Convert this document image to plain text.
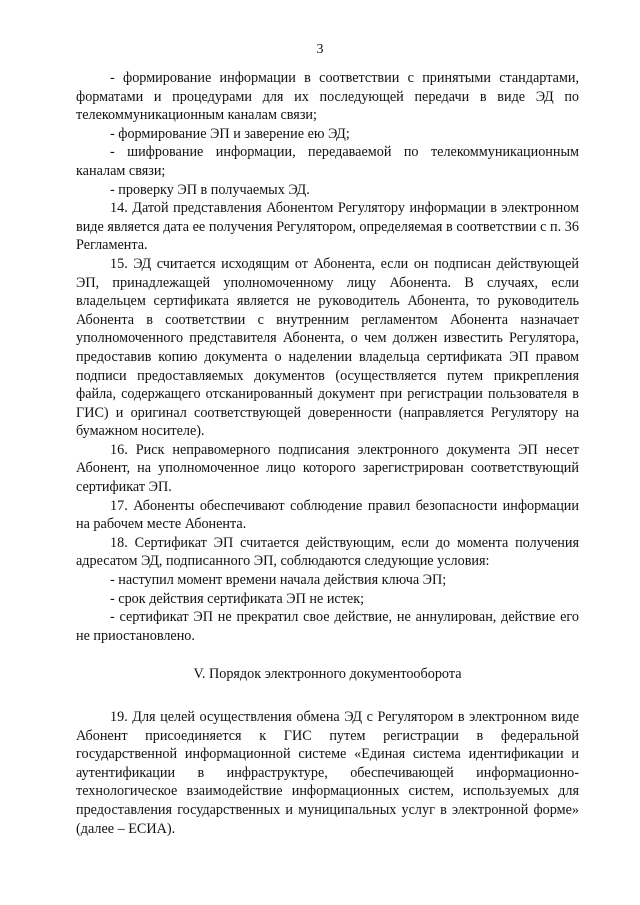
3

- формирование информации в соответствии с принятыми стандартами, форматами и процедурами для их последующей передачи в виде ЭД по телекоммуникационным каналам связи;

- формирование ЭП и заверение ею ЭД;

- шифрование информации, передаваемой по телекоммуникационным каналам связи;

- проверку ЭП в получаемых ЭД.

14. Датой представления Абонентом Регулятору информации в электронном виде является дата ее получения Регулятором, определяемая в соответствии с п. 36 Регламента.

15. ЭД считается исходящим от Абонента, если он подписан действующей ЭП, принадлежащей уполномоченному лицу Абонента. В случаях, если владельцем сертификата является не руководитель Абонента, то руководитель Абонента в соответствии с внутренним регламентом Абонента назначает уполномоченного представителя Абонента, о чем должен известить Регулятора, предоставив копию документа о наделении владельца сертификата ЭП правом подписи предоставляемых документов (осуществляется путем прикрепления файла, содержащего отсканированный документ при регистрации пользователя в ГИС) и оригинал соответствующей доверенности (направляется Регулятору на бумажном носителе).

16. Риск неправомерного подписания электронного документа ЭП несет Абонент, на уполномоченное лицо которого зарегистрирован соответствующий сертификат ЭП.

17. Абоненты обеспечивают соблюдение правил безопасности информации на рабочем месте Абонента.

18. Сертификат ЭП считается действующим, если до момента получения адресатом ЭД, подписанного ЭП, соблюдаются следующие условия:

- наступил момент времени начала действия ключа ЭП;

- срок действия сертификата ЭП не истек;

- сертификат ЭП не прекратил свое действие, не аннулирован, действие его не приостановлено.

V. Порядок электронного документооборота

19. Для целей осуществления обмена ЭД с Регулятором в электронном виде Абонент присоединяется к ГИС путем регистрации в федеральной государственной информационной системе «Единая система идентификации и аутентификации в инфраструктуре, обеспечивающей информационно-технологическое взаимодействие информационных систем, используемых для предоставления государственных и муниципальных услуг в электронной форме» (далее – ЕСИА).
